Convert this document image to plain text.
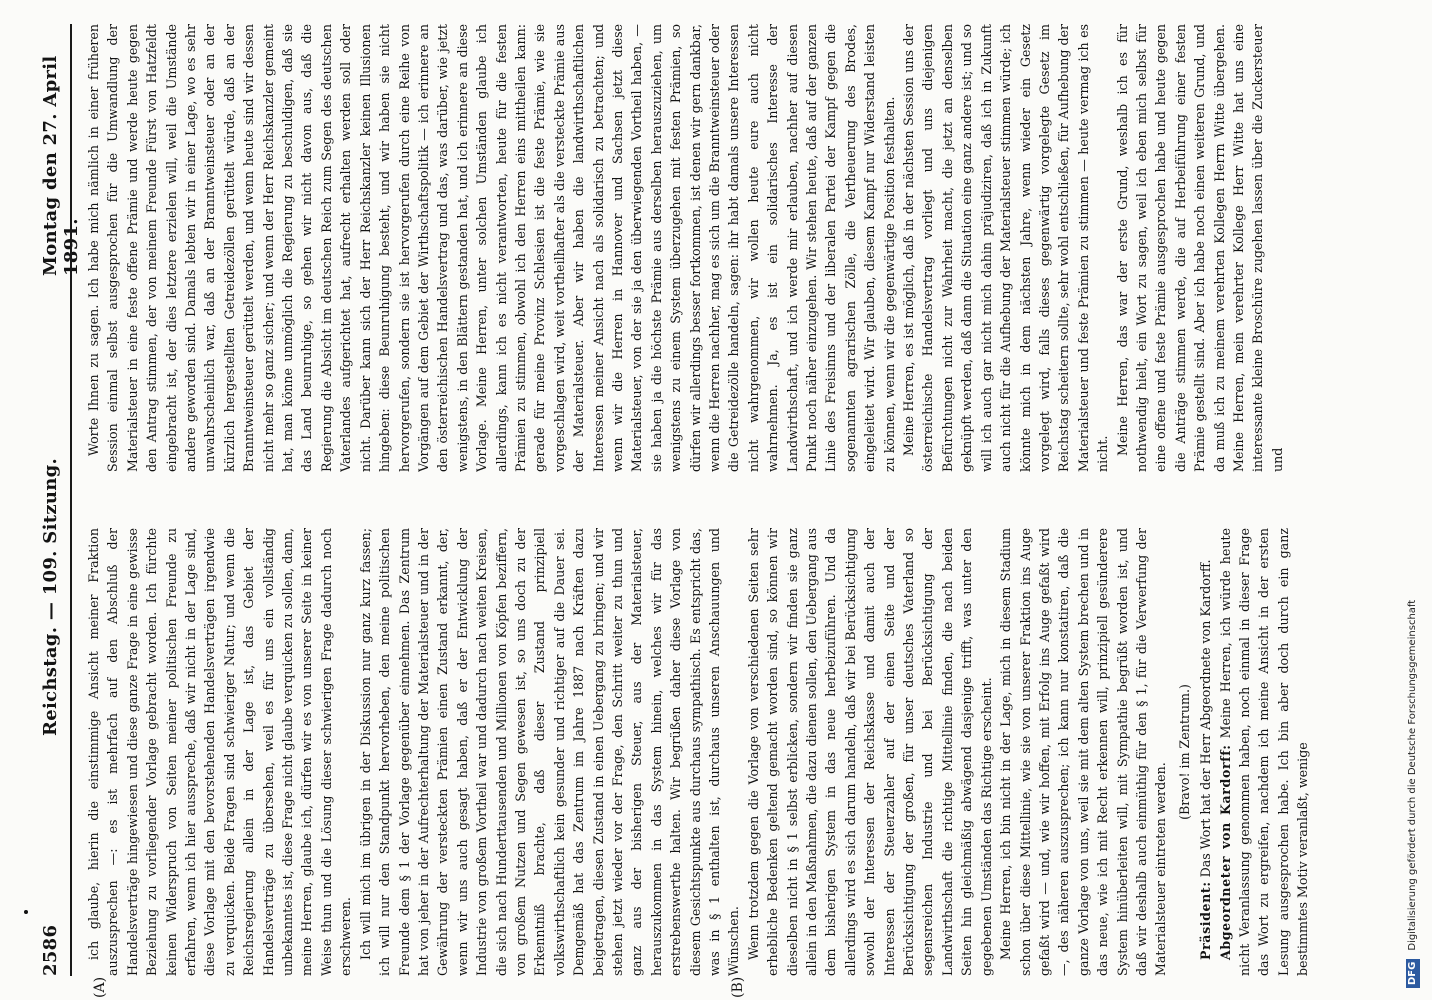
2586
Reichstag. — 109. Sitzung.
Montag den 27. April 1891.
(A)	(B)

ich glaube, hierin die einstimmige Ansicht meiner Fraktion auszusprechen —: es ist mehrfach auf den Abschluß der Handelsverträge hingewiesen und diese ganze Frage in eine gewisse Beziehung zu vorliegender Vorlage gebracht worden. Ich fürchte keinen Widerspruch von Seiten meiner politischen Freunde zu erfahren, wenn ich hier ausspreche, daß wir nicht in der Lage sind, diese Vorlage mit den bevorstehenden Handelsverträgen irgendwie zu verquicken. Beide Fragen sind schwieriger Natur; und wenn die Reichsregierung allein in der Lage ist, das Gebiet der Handelsverträge zu übersehen, weil es für uns ein vollständig unbekanntes ist, diese Frage nicht glaube verquicken zu sollen, dann, meine Herren, glaube ich, dürfen wir es von unserer Seite in keiner Weise thun und die Lösung dieser schwierigen Frage dadurch noch erschweren. Ich will mich im übrigen in der Diskussion nur ganz kurz fassen; ich will nur den Standpunkt hervorheben, den meine politischen Freunde dem § 1 der Vorlage gegenüber einnehmen. Das Zentrum hat von jeher in der Aufrechterhaltung der Materialsteuer und in der Gewährung der versteckten Prämien einen Zustand erkannt, der, wenn wir uns auch gesagt haben, daß er der Entwicklung der Industrie von großem Vortheil war und dadurch nach weiten Kreisen, die sich nach Hunderttausenden und Millionen von Köpfen beziffern, von großem Nutzen und Segen gewesen ist, so uns doch zu der Erkenntniß brachte, daß dieser Zustand prinzipiell volkswirthschaftlich kein gesunder und richtiger auf die Dauer sei. Demgemäß hat das Zentrum im Jahre 1887 nach Kräften dazu beigetragen, diesen Zustand in einen Uebergang zu bringen; und wir stehen jetzt wieder vor der Frage, den Schritt weiter zu thun und ganz aus der bisherigen Steuer, aus der Materialsteuer, herauszukommen in das System hinein, welches wir für das erstrebenswerthe halten. Wir begrüßen daher diese Vorlage von diesem Gesichtspunkte aus durchaus sympathisch. Es entspricht das, was in § 1 enthalten ist, durchaus unseren Anschauungen und Wünschen. Wenn trotzdem gegen die Vorlage von verschiedenen Seiten sehr erhebliche Bedenken geltend gemacht worden sind, so können wir dieselben nicht in § 1 selbst erblicken, sondern wir finden sie ganz allein in den Maßnahmen, die dazu dienen sollen, den Uebergang aus dem bisherigen System in das neue herbeizuführen. Und da allerdings wird es sich darum handeln, daß wir bei Berücksichtigung sowohl der Interessen der Reichskasse und damit auch der Interessen der Steuerzahler auf der einen Seite und der Berücksichtigung der großen, für unser deutsches Vaterland so segensreichen Industrie und bei Berücksichtigung der Landwirthschaft die richtige Mittellinie finden, die nach beiden Seiten hin gleichmäßig abwägend dasjenige trifft, was unter den gegebenen Umständen das Richtige erscheint. Meine Herren, ich bin nicht in der Lage, mich in diesem Stadium schon über diese Mittellinie, wie sie von unserer Fraktion ins Auge gefaßt wird — und, wie wir hoffen, mit Erfolg ins Auge gefaßt wird —, des näheren auszusprechen; ich kann nur konstatiren, daß die ganze Vorlage von uns, weil sie mit dem alten System brechen und in das neue, wie ich mit Recht erkennen will, prinzipiell gesünderere System hinüberleiten will, mit Sympathie begrüßt worden ist, und daß wir deshalb auch einmüthig für den § 1, für die Verwerfung der Materialsteuer eintreten werden.

(Bravo! im Zentrum.)

Präsident: Das Wort hat der Herr Abgeordnete von Kardorff. Abgeordneter von Kardorff: Meine Herren, ich würde heute nicht Veranlassung genommen haben, noch einmal in dieser Frage das Wort zu ergreifen, nachdem ich meine Ansicht in der ersten Lesung ausgesprochen habe. Ich bin aber doch durch ein ganz bestimmtes Motiv veranlaßt, wenige

Worte Ihnen zu sagen. Ich habe mich nämlich in einer früheren Session einmal selbst ausgesprochen für die Umwandlung der Materialsteuer in eine feste offene Prämie und werde heute gegen den Antrag stimmen, der von meinem Freunde Fürst von Hatzfeldt eingebracht ist, der dies letztere erzielen will, weil die Umstände andere geworden sind. Damals lebten wir in einer Lage, wo es sehr unwahrscheinlich war, daß an der Branntweinsteuer oder an der kürzlich hergestellten Getreidezöllen gerüttelt würde, daß an der Branntweinsteuer gerüttelt werden, und wenn heute sind wir dessen nicht mehr so ganz sicher; und wenn der Herr Reichskanzler gemeint hat, man könne unmöglich die Regierung zu beschuldigen, daß sie das Land beunruhige, so gehen wir nicht davon aus, daß die Regierung die Absicht im deutschen Reich zum Segen des deutschen Vaterlandes aufgerichtet hat, aufrecht erhalten werden soll oder nicht. Darüber kann sich der Herr Reichskanzler keinen Illusionen hingeben: diese Beunruhigung besteht, und wir haben sie nicht hervorgerufen, sondern sie ist hervorgerufen durch eine Reihe von Vorgängen auf dem Gebiet der Wirthschaftspolitik — ich erinnere an den österreichischen Handelsvertrag und das, was darüber, wie jetzt wenigstens, in den Blättern gestanden hat, und ich erinnere an diese Vorlage. Meine Herren, unter solchen Umständen glaube ich allerdings, kann ich es nicht verantworten, heute für die festen Prämien zu stimmen, obwohl ich den Herren eins mittheilen kann: gerade für meine Provinz Schlesien ist die feste Prämie, wie sie vorgeschlagen wird, weit vortheilhafter als die versteckte Prämie aus der Materialsteuer. Aber wir haben die landwirthschaftlichen Interessen meiner Ansicht nach als solidarisch zu betrachten; und wenn wir die Herren in Hannover und Sachsen jetzt diese Materialsteuer, von der sie ja den überwiegenden Vortheil haben, — sie haben ja die höchste Prämie aus derselben herauszuziehen, um wenigstens zu einem System überzugehen mit festen Prämien, so dürfen wir allerdings besser fortkommen, ist denen wir gern dankbar, wenn die Herren nachher, mag es sich um die Branntweinsteuer oder die Getreidezölle handeln, sagen: ihr habt damals unsere Interessen nicht wahrgenommen, wir wollen heute eure auch nicht wahrnehmen. Ja, es ist ein solidarisches Interesse der Landwirthschaft, und ich werde mir erlauben, nachher auf diesen Punkt noch näher einzugehen. Wir stehen heute, daß auf der ganzen Linie des Freisinns und der liberalen Partei der Kampf gegen die sogenannten agrarischen Zölle, die Vertheuerung des Brodes, eingeleitet wird. Wir glauben, diesem Kampf nur Widerstand leisten zu können, wenn wir die gegenwärtige Position festhalten. Meine Herren, es ist möglich, daß in der nächsten Session uns der österreichische Handelsvertrag vorliegt und uns diejenigen Befürchtungen nicht zur Wahrheit macht, die jetzt an denselben geknüpft werden, daß dann die Situation eine ganz andere ist; und so will ich auch gar nicht mich dahin präjudiziren, daß ich in Zukunft auch nicht für die Aufhebung der Materialsteuer stimmen würde; ich könnte mich in dem nächsten Jahre, wenn wieder ein Gesetz vorgelegt wird, falls dieses gegenwärtig vorgelegte Gesetz im Reichstag scheitern sollte, sehr wohl entschließen, für Aufhebung der Materialsteuer und feste Prämien zu stimmen — heute vermag ich es nicht. Meine Herren, das war der erste Grund, weshalb ich es für nothwendig hielt, ein Wort zu sagen, weil ich eben mich selbst für eine offene und feste Prämie ausgesprochen habe und heute gegen die Anträge stimmen werde, die auf Herbeiführung einer festen Prämie gestellt sind. Aber ich habe noch einen weiteren Grund, und da muß ich zu meinem verehrten Kollegen Herrn Witte übergehen. Meine Herren, mein verehrter Kollege Herr Witte hat uns eine interessante kleine Broschüre zugehen lassen über die Zuckersteuer und

DFGDigitalisierung gefördert durch die Deutsche Forschungsgemeinschaft
